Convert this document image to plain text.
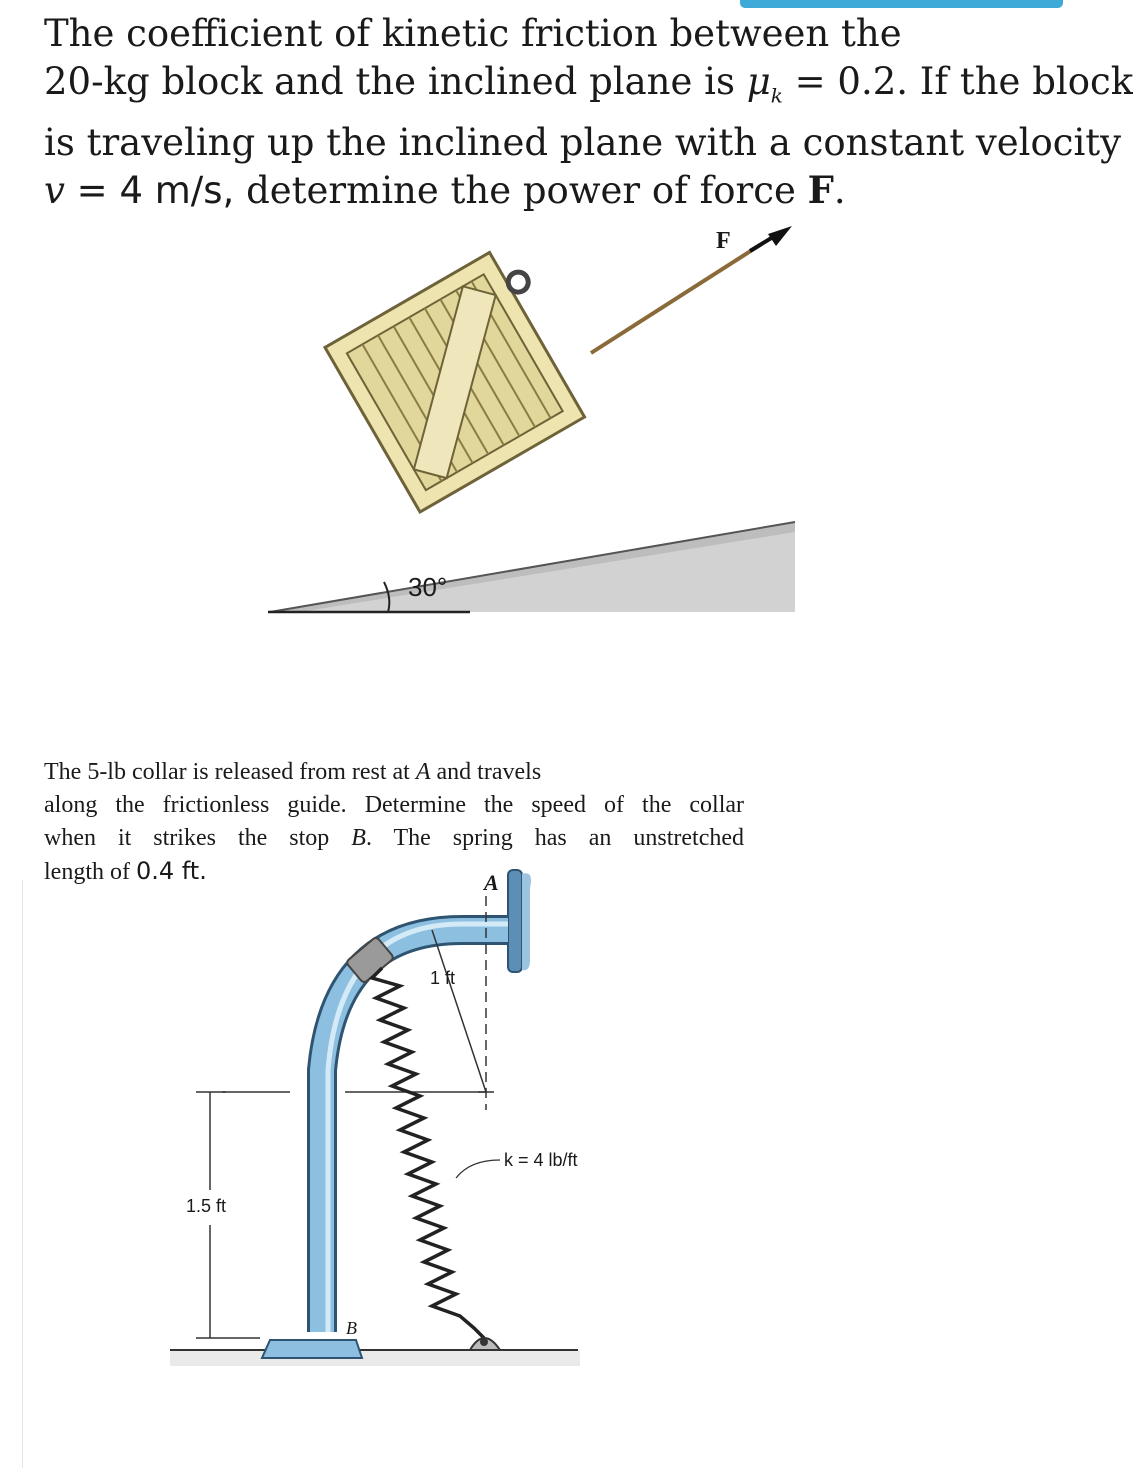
The coefficient of kinetic friction between the
20-kg block and the inclined plane is $\mu_k = 0.2$. If the block
is traveling up the inclined plane with a constant velocity
v = 4 m/s, determine the power of force F.
30°
F
The 5-lb collar is released from rest at A and travels
along the frictionless guide. Determine the speed of the collar
when it strikes the stop B. The spring has an unstretched
length of 0.4 ft.	A
B
1 ft
1.5 ft
k = 4 lb/ft
